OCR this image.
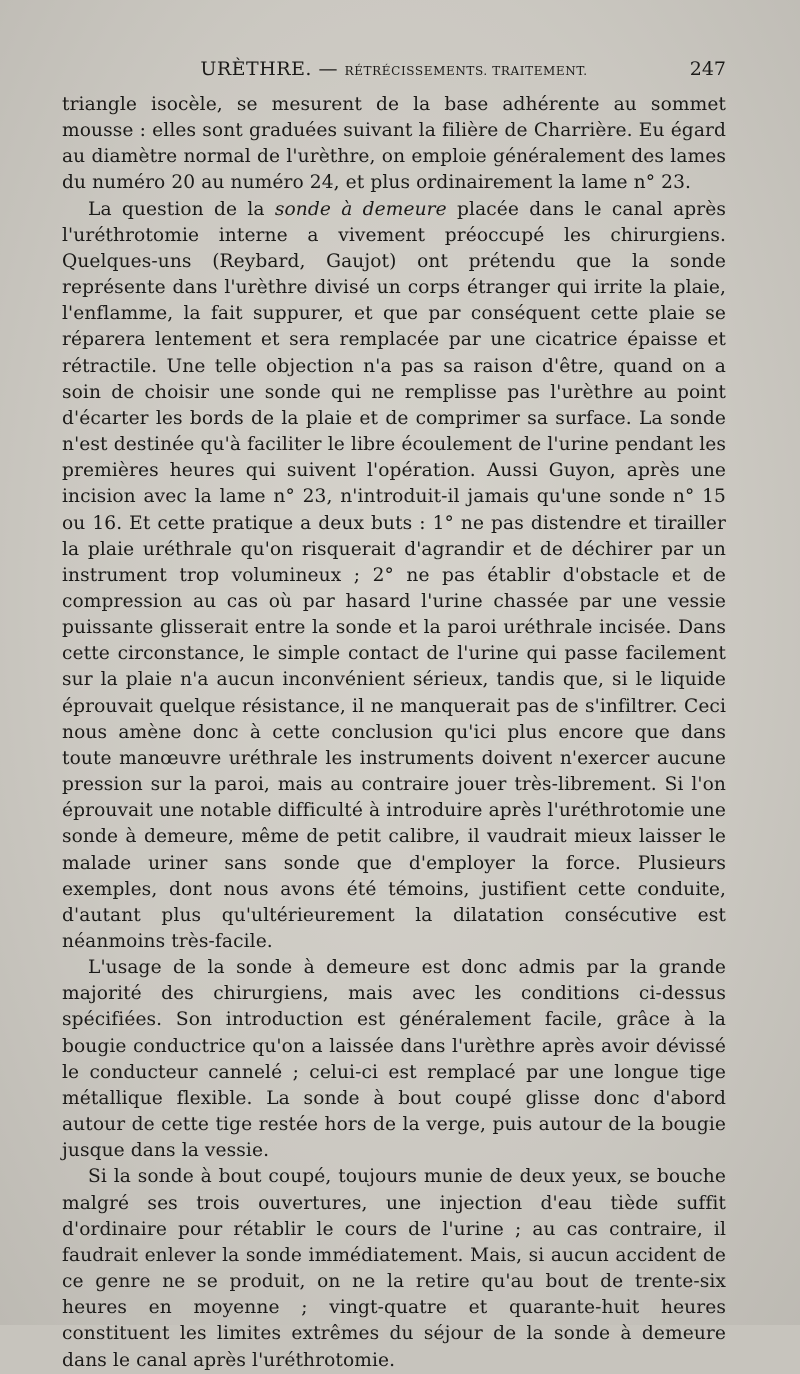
URÈTHRE. — RÉTRÉCISSEMENTS. TRAITEMENT.	247

triangle isocèle, se mesurent de la base adhérente au sommet mousse : elles sont graduées suivant la filière de Charrière. Eu égard au diamètre normal de l'urèthre, on emploie généralement des lames du numéro 20 au numéro 24, et plus ordinairement la lame n° 23.

La question de la sonde à demeure placée dans le canal après l'uréthrotomie interne a vivement préoccupé les chirurgiens. Quelques-uns (Reybard, Gaujot) ont prétendu que la sonde représente dans l'urèthre divisé un corps étranger qui irrite la plaie, l'enflamme, la fait suppurer, et que par conséquent cette plaie se réparera lentement et sera remplacée par une cicatrice épaisse et rétractile. Une telle objection n'a pas sa raison d'être, quand on a soin de choisir une sonde qui ne remplisse pas l'urèthre au point d'écarter les bords de la plaie et de comprimer sa surface. La sonde n'est destinée qu'à faciliter le libre écoulement de l'urine pendant les premières heures qui suivent l'opération. Aussi Guyon, après une incision avec la lame n° 23, n'introduit-il jamais qu'une sonde n° 15 ou 16. Et cette pratique a deux buts : 1° ne pas distendre et tirailler la plaie uréthrale qu'on risquerait d'agrandir et de déchirer par un instrument trop volumineux ; 2° ne pas établir d'obstacle et de compression au cas où par hasard l'urine chassée par une vessie puissante glisserait entre la sonde et la paroi uréthrale incisée. Dans cette circonstance, le simple contact de l'urine qui passe facilement sur la plaie n'a aucun inconvénient sérieux, tandis que, si le liquide éprouvait quelque résistance, il ne manquerait pas de s'infiltrer. Ceci nous amène donc à cette conclusion qu'ici plus encore que dans toute manœuvre uréthrale les instruments doivent n'exercer aucune pression sur la paroi, mais au contraire jouer très-librement. Si l'on éprouvait une notable difficulté à introduire après l'uréthrotomie une sonde à demeure, même de petit calibre, il vaudrait mieux laisser le malade uriner sans sonde que d'employer la force. Plusieurs exemples, dont nous avons été témoins, justifient cette conduite, d'autant plus qu'ultérieurement la dilatation consécutive est néanmoins très-facile.

L'usage de la sonde à demeure est donc admis par la grande majorité des chirurgiens, mais avec les conditions ci-dessus spécifiées. Son introduction est généralement facile, grâce à la bougie conductrice qu'on a laissée dans l'urèthre après avoir dévissé le conducteur cannelé ; celui-ci est remplacé par une longue tige métallique flexible. La sonde à bout coupé glisse donc d'abord autour de cette tige restée hors de la verge, puis autour de la bougie jusque dans la vessie.

Si la sonde à bout coupé, toujours munie de deux yeux, se bouche malgré ses trois ouvertures, une injection d'eau tiède suffit d'ordinaire pour rétablir le cours de l'urine ; au cas contraire, il faudrait enlever la sonde immédiatement. Mais, si aucun accident de ce genre ne se produit, on ne la retire qu'au bout de trente-six heures en moyenne ; vingt-quatre et quarante-huit heures constituent les limites extrêmes du séjour de la sonde à demeure dans le canal après l'uréthrotomie.
